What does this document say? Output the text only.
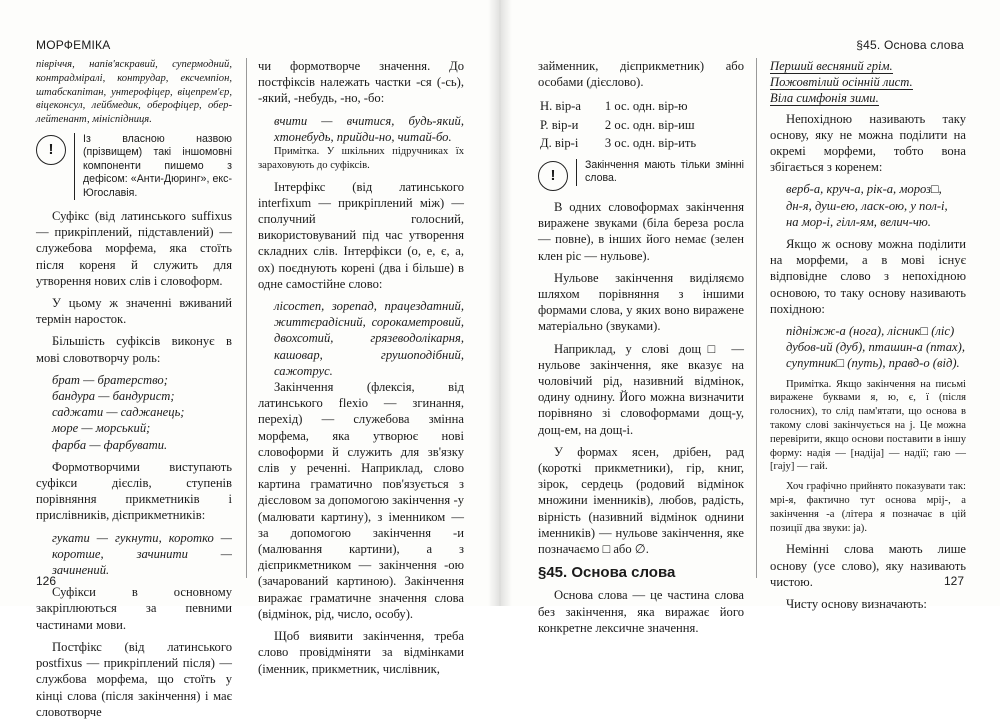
МОРФЕМІКА

півріччя, напів'яскравий, супермодний, контрадміралі, контрудар, ексчемпіон, штабскапітан, унтерофіцер, віцепрем'єр, віцеконсул, лейбмедик, оберофіцер, оберлейтенант, мініспідниця.

!
Із власною назвою (прізвищем) такі іншомовні компоненти пишемо з дефісом: «Анти-Дюринг», екс-Югославія.

Суфікс (від латинського suffixus — прикріплений, підставлений) — служебова морфема, яка стоїть після кореня й служить для утворення нових слів і словоформ.

У цьому ж значенні вживаний термін наросток.

Більшість суфіксів виконує в мові словотворчу роль:

брат — братерство;
бандура — бандурист;
саджати — саджанець;
море — морський;
фарба — фарбувати.

Формотворчими виступають суфікси дієслів, ступенів порівняння прикметників і прислівників, дієприкметників:

гукати — гукнути, коротко — коротше, зачинити — зачинений.

Суфікси в основному закріплюються за певними частинами мови.

Постфікс (від латинського postfixus — прикріплений після) — службова морфема, що стоїть у кінці слова (після закінчення) і має словотворче

чи формотворче значення. До постфіксів належать частки -ся (-сь), -який, -небудь, -но, -бо:

вчити — вчитися, будь-який, хтонебудь, прийди-но, читай-бо.

Примітка. У шкільних підручниках їх зараховують до суфіксів.

Інтерфікс (від латинського interfixum — прикріплений між) — сполучний голосний, використовуваний під час утворення складних слів. Інтерфікси (о, е, є, а, ох) поєднують корені (два і більше) в одне самостійне слово:

лісостеп, зорепад, працездатний, життєрадісний, сорокаметровий, двохсотий, грязеводолікарня, кашовар, грушоподібний, сажотрус.

Закінчення (флексія, від латинського flexio — згинання, перехід) — служебова змінна морфема, яка утворює нові словоформи й служить для зв'язку слів у реченні. Наприклад, слово картина граматично пов'язується з дієсловом за допомогою закінчення -у (малювати картину), з іменником — за допомогою закінчення -и (малювання картини), а з дієприкметником — закінчення -ою (зачарований картиною). Закінчення виражає граматичне значення слова (відмінок, рід, число, особу).

Щоб виявити закінчення, треба слово провідміняти за відмінками (іменник, прикметник, числівник,

126
§45. Основа слова

займенник, дієприкметник) або особами (дієслово).

Н. вір-а	1 ос. одн. вір-ю
Р. вір-и	2 ос. одн. вір-иш
Д. вір-і	3 ос. одн. вір-ить
!
Закінчення мають тільки змінні слова.

В одних словоформах закінчення виражене звуками (біла береза росла — повне), в інших його немає (зелен клен ріс — нульове).

Нульове закінчення виділяємо шляхом порівняння з іншими формами слова, у яких воно виражене матеріально (звуками).

Наприклад, у слові дощ□ — нульове закінчення, яке вказує на чоловічий рід, називний відмінок, одину однину. Його можна визначити порівняно зі словоформами дощ-у, дощ-ем, на дощ-і.

У формах ясен, дрібен, рад (короткі прикметники), гір, книг, зірок, сердець (родовий відмінок множини іменників), любов, радість, вірність (називний відмінок однини іменників) — нульове закінчення, яке позначаємо □ або ∅.

§45. Основа слова

Основа слова — це частина слова без закінчення, яка виражає його конкретне лексичне значення.

Перший весняний грім.
Пожовтілий осінній лист.
Віла симфонія зими.

Непохідною називають таку основу, яку не можна поділити на окремі морфеми, тобто вона збігається з коренем:

верб-а, круч-а, рік-а, мороз□,
дн-я, душ-ею, ласк-ою, у пол-і,
на мор-і, гілл-ям, велич-чю.

Якщо ж основу можна поділити на морфеми, а в мові існує відповідне слово з непохідною основою, то таку основу називають похідною:

підніжж-а (нога), лісник□ (ліс)
дубов-ий (дуб), пташин-а (птах),
супутник□ (путь), правд-о (від).

Примітка. Якщо закінчення на письмі виражене буквами я, ю, є, ї (після голосних), то слід пам'ятати, що основа в такому слові закінчується на j. Це можна перевірити, якщо основи поставити в іншу форму: надія — [надіjа] — надії; гаю — [гаjу] — гай.

Хоч графічно прийнято показувати так: мрі-я, фактично тут основа мрij-, а закінчення -а (літера я позначає в цій позиції два звуки: ja).

Немінні слова мають лише основу (усе слово), яку називають чистою.

Чисту основу визначають:

127
